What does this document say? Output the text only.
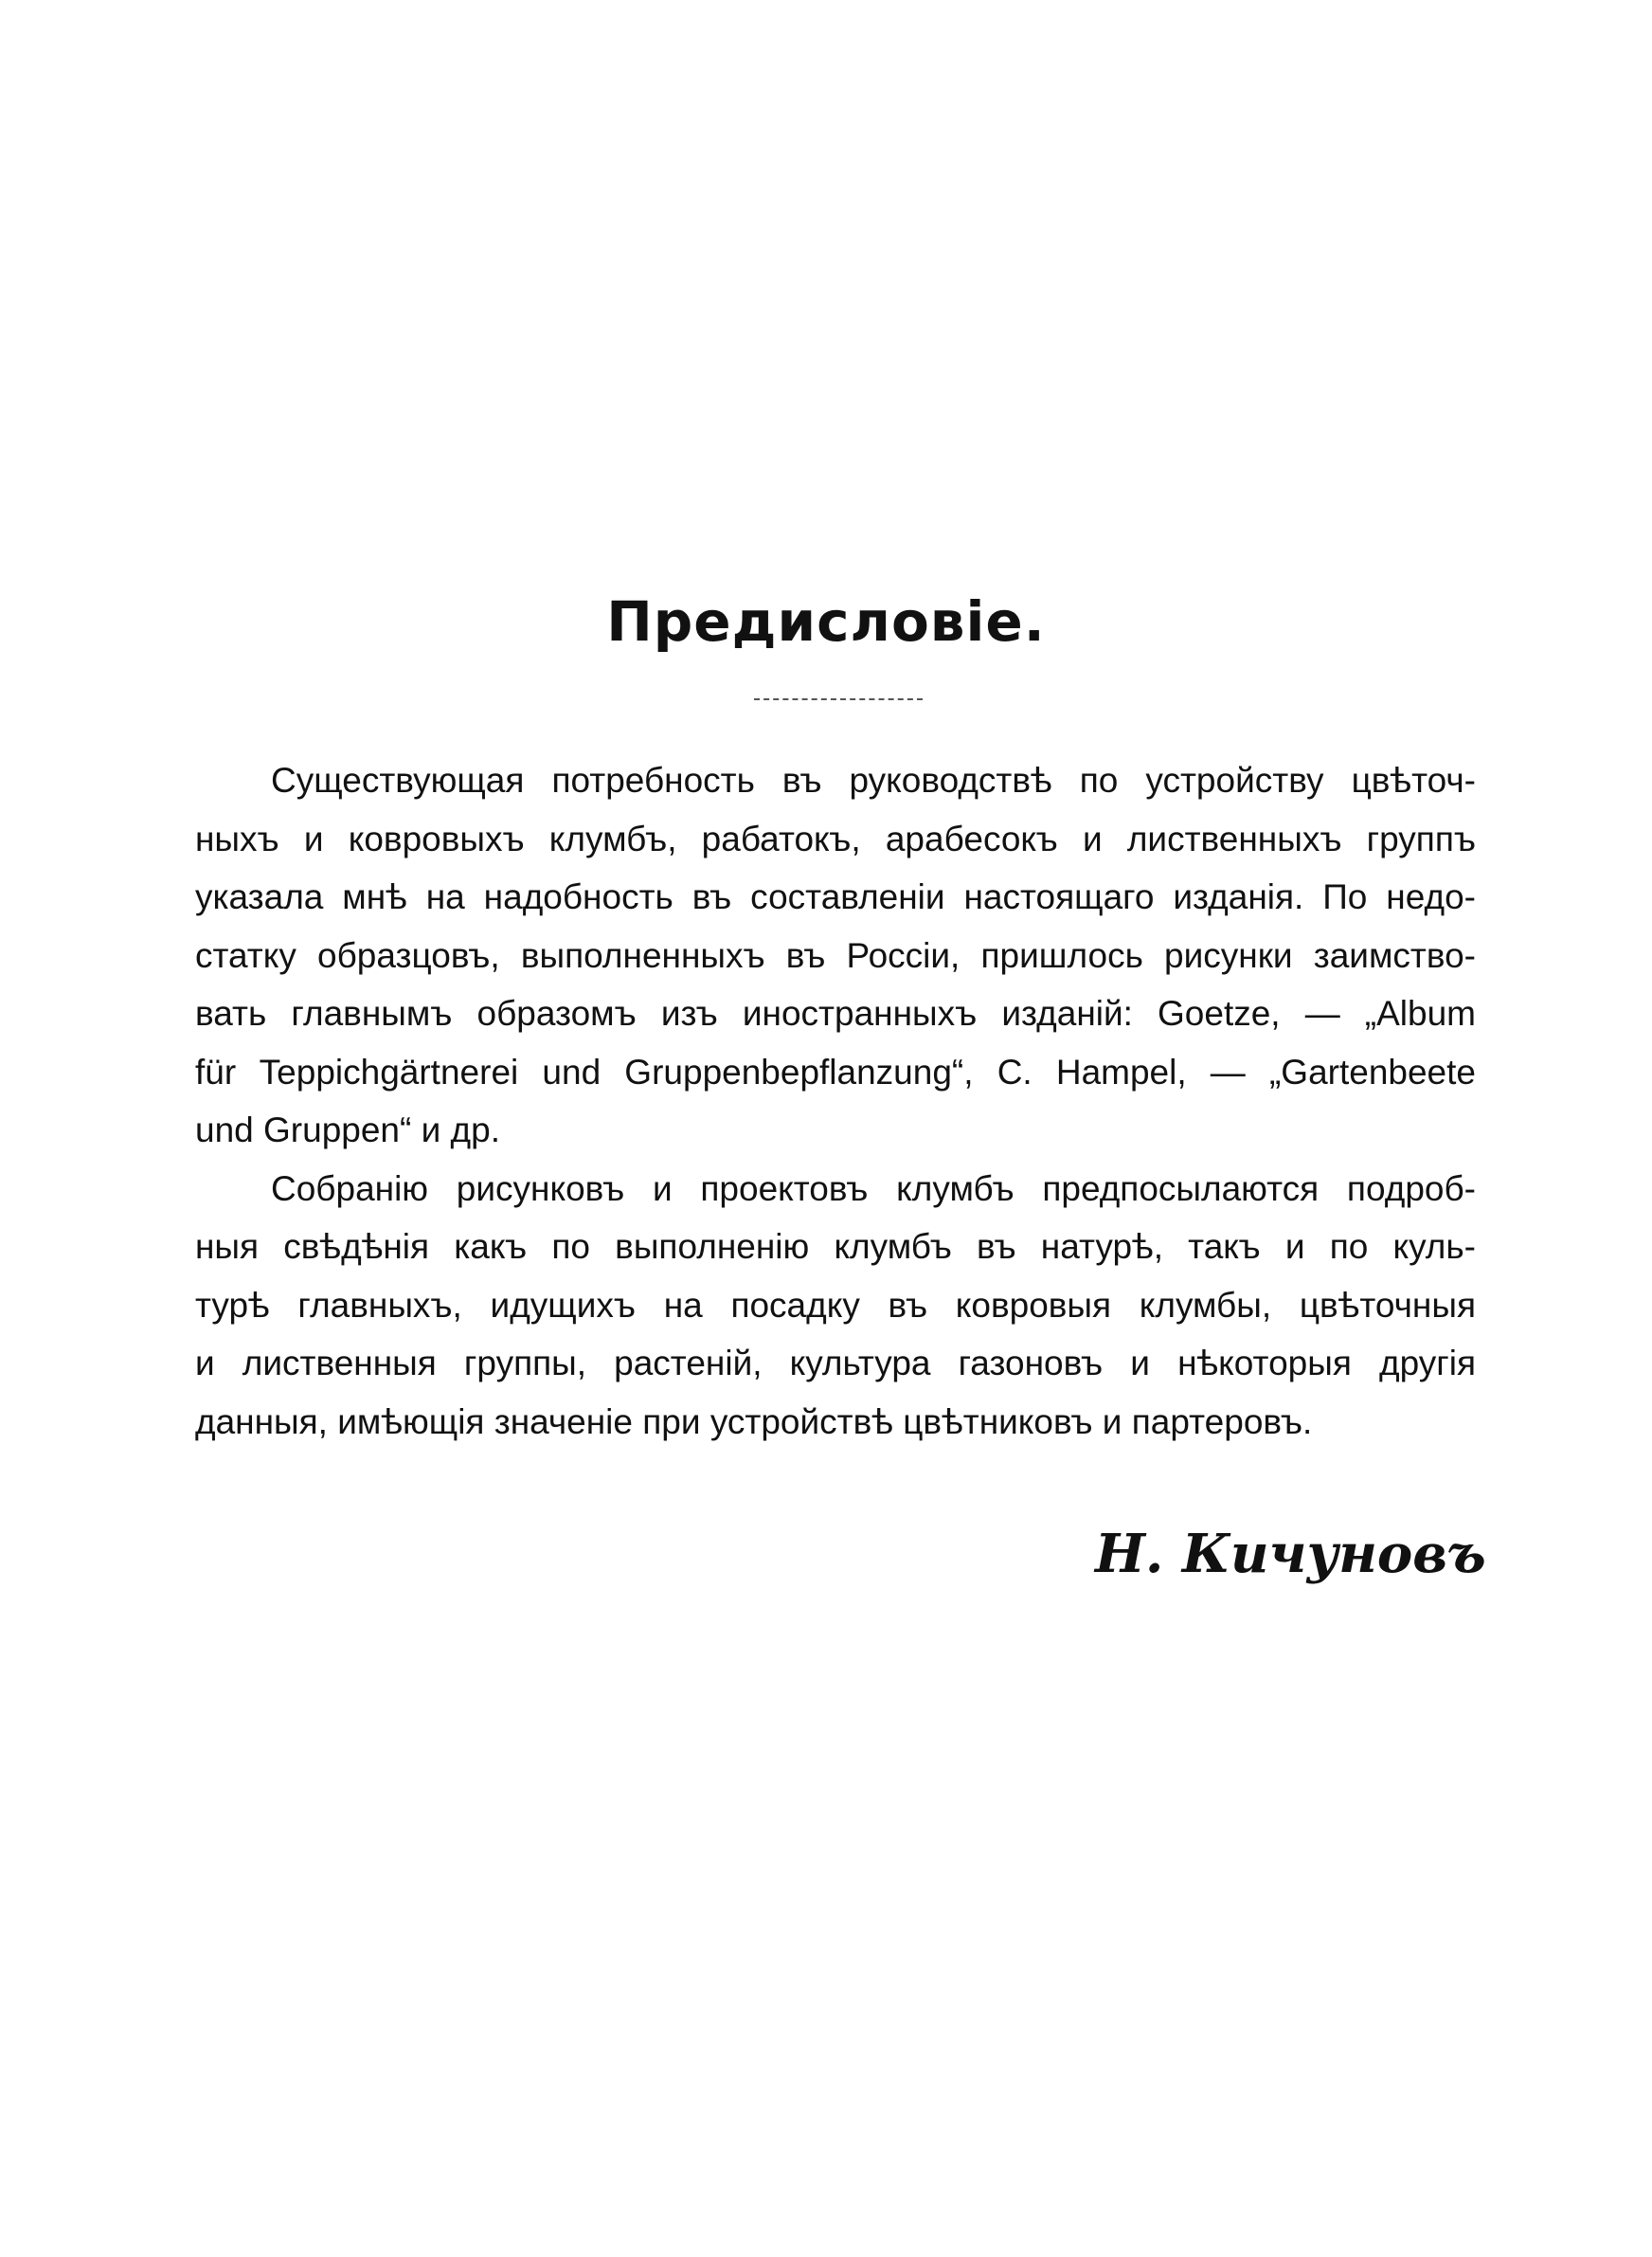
Предисловіе.
Существующая потребность въ руководствѣ по устройству цвѣточ-
ныхъ и ковровыхъ клумбъ, рабатокъ, арабесокъ и лиственныхъ группъ
указала мнѣ на надобность въ составленіи настоящаго изданія. По недо-
статку образцовъ, выполненныхъ въ Россіи, пришлось рисунки заимство-
вать главнымъ образомъ изъ иностранныхъ изданій: Goetze, — „Album
für Teppichgärtnerei und Gruppenbepflanzung“, C. Hampel, — „Gartenbeete
und Gruppen“ и др.
Собранію рисунковъ и проектовъ клумбъ предпосылаются подроб-
ныя свѣдѣнія какъ по выполненію клумбъ въ натурѣ, такъ и по куль-
турѣ главныхъ, идущихъ на посадку въ ковровыя клумбы, цвѣточныя
и лиственныя группы, растеній, культура газоновъ и нѣкоторыя другія
данныя, имѣющія значеніе при устройствѣ цвѣтниковъ и партеровъ.
Н. Кичуновъ
